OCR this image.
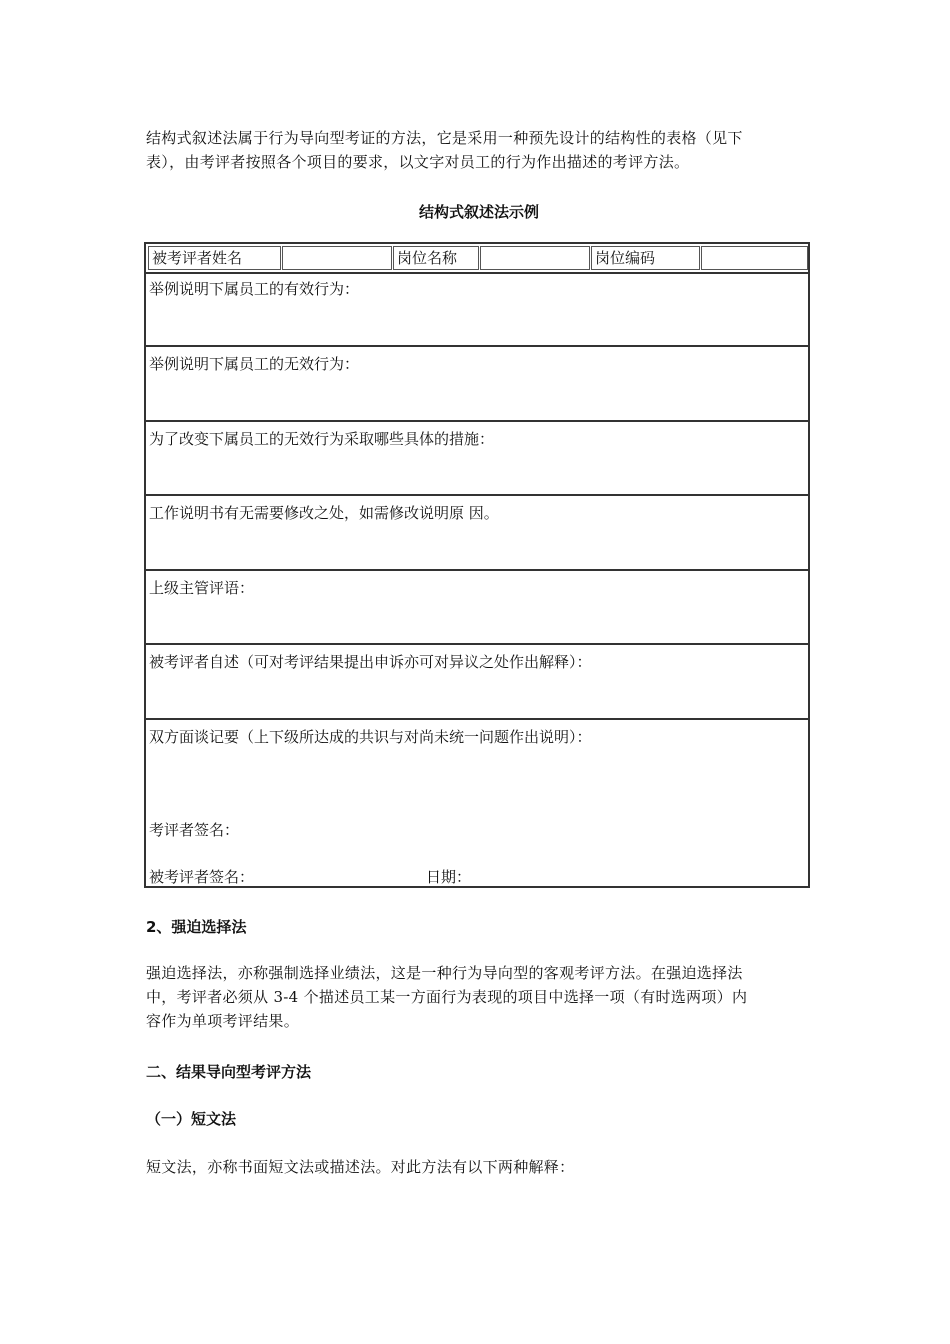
结构式叙述法属于行为导向型考证的方法，它是采用一种预先设计的结构性的表格（见下
表），由考评者按照各个项目的要求，以文字对员工的行为作出描述的考评方法。
结构式叙述法示例
被考评者姓名	岗位名称	岗位编码
举例说明下属员工的有效行为：
举例说明下属员工的无效行为：
为了改变下属员工的无效行为采取哪些具体的措施：
工作说明书有无需要修改之处，如需修改说明原 因。
上级主管评语：
被考评者自述（可对考评结果提出申诉亦可对异议之处作出解释）：
双方面谈记要（上下级所达成的共识与对尚未统一问题作出说明）：
考评者签名：
被考评者签名：	日期：
2、强迫选择法
强迫选择法，亦称强制选择业绩法，这是一种行为导向型的客观考评方法。在强迫选择法
中，考评者必须从 3-4 个描述员工某一方面行为表现的项目中选择一项（有时选两项）内
容作为单项考评结果。
二、结果导向型考评方法
（一）短文法
短文法，亦称书面短文法或描述法。对此方法有以下两种解释：
